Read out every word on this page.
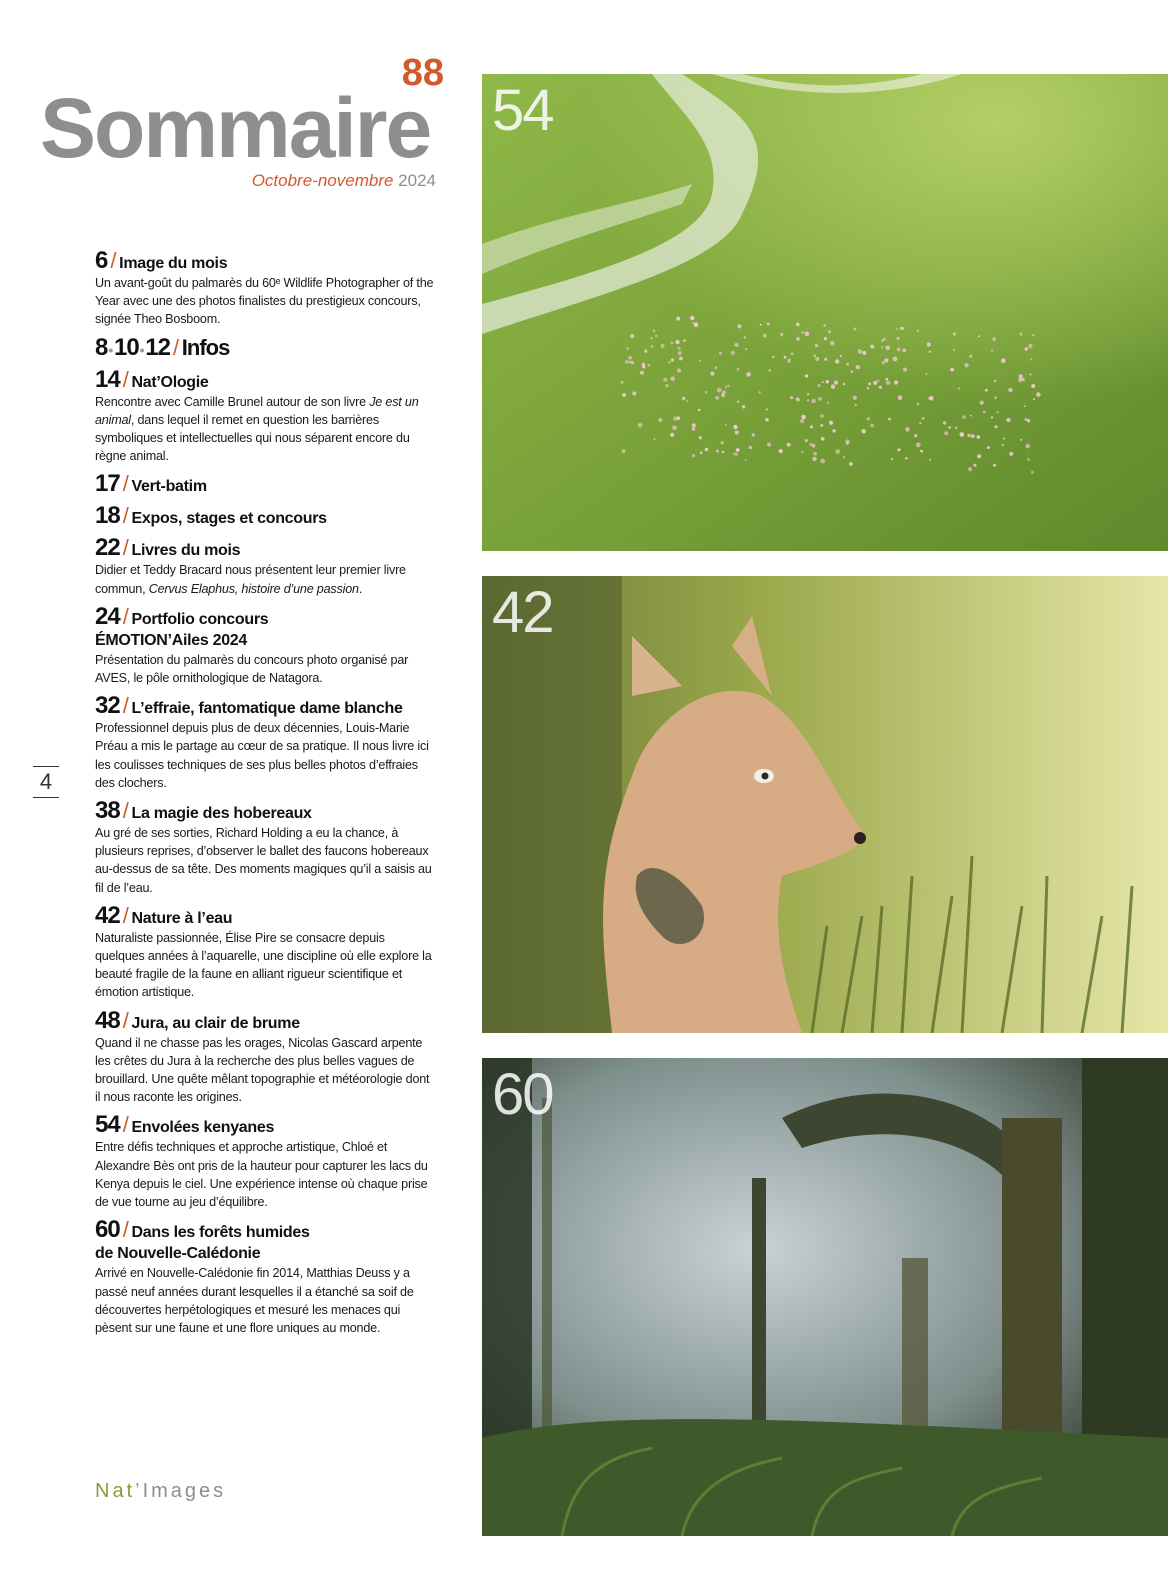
88
Sommaire
Octobre-novembre 2024
6 / Image du mois
Un avant-goût du palmarès du 60ᵉ Wildlife Photographer of the Year avec une des photos finalistes du prestigieux concours, signée Theo Bosboom.
8•10•12 / Infos
14 / Nat’Ologie
Rencontre avec Camille Brunel autour de son livre Je est un animal, dans lequel il remet en question les barrières symboliques et intellectuelles qui nous séparent encore du règne animal.
17 / Vert-batim
18 / Expos, stages et concours
22 / Livres du mois
Didier et Teddy Bracard nous présentent leur premier livre commun, Cervus Elaphus, histoire d’une passion.
24 / Portfolio concours
ÉMOTION’Ailes 2024
Présentation du palmarès du concours photo organisé par AVES, le pôle ornithologique de Natagora.
32 / L’effraie, fantomatique dame blanche
Professionnel depuis plus de deux décennies, Louis-Marie Préau a mis le partage au cœur de sa pratique. Il nous livre ici les coulisses techniques de ses plus belles photos d’effraies des clochers.
38 / La magie des hobereaux
Au gré de ses sorties, Richard Holding a eu la chance, à plusieurs reprises, d’observer le ballet des faucons hobereaux au-dessus de sa tête. Des moments magiques qu’il a saisis au fil de l’eau.
42 / Nature à l’eau
Naturaliste passionnée, Élise Pire se consacre depuis quelques années à l’aquarelle, une discipline où elle explore la beauté fragile de la faune en alliant rigueur scientifique et émotion artistique.
48 / Jura, au clair de brume
Quand il ne chasse pas les orages, Nicolas Gascard arpente les crêtes du Jura à la recherche des plus belles vagues de brouillard. Une quête mêlant topographie et météorologie dont il nous raconte les origines.
54 / Envolées kenyanes
Entre défis techniques et approche artistique, Chloé et Alexandre Bès ont pris de la hauteur pour capturer les lacs du Kenya depuis le ciel. Une expérience intense où chaque prise de vue tourne au jeu d’équilibre.
60 / Dans les forêts humides
de Nouvelle-Calédonie
Arrivé en Nouvelle-Calédonie fin 2014, Matthias Deuss y a passé neuf années durant lesquelles il a étanché sa soif de découvertes herpétologiques et mesuré les menaces qui pèsent sur une faune et une flore uniques au monde.
4
Nat’Images
54
42
60
